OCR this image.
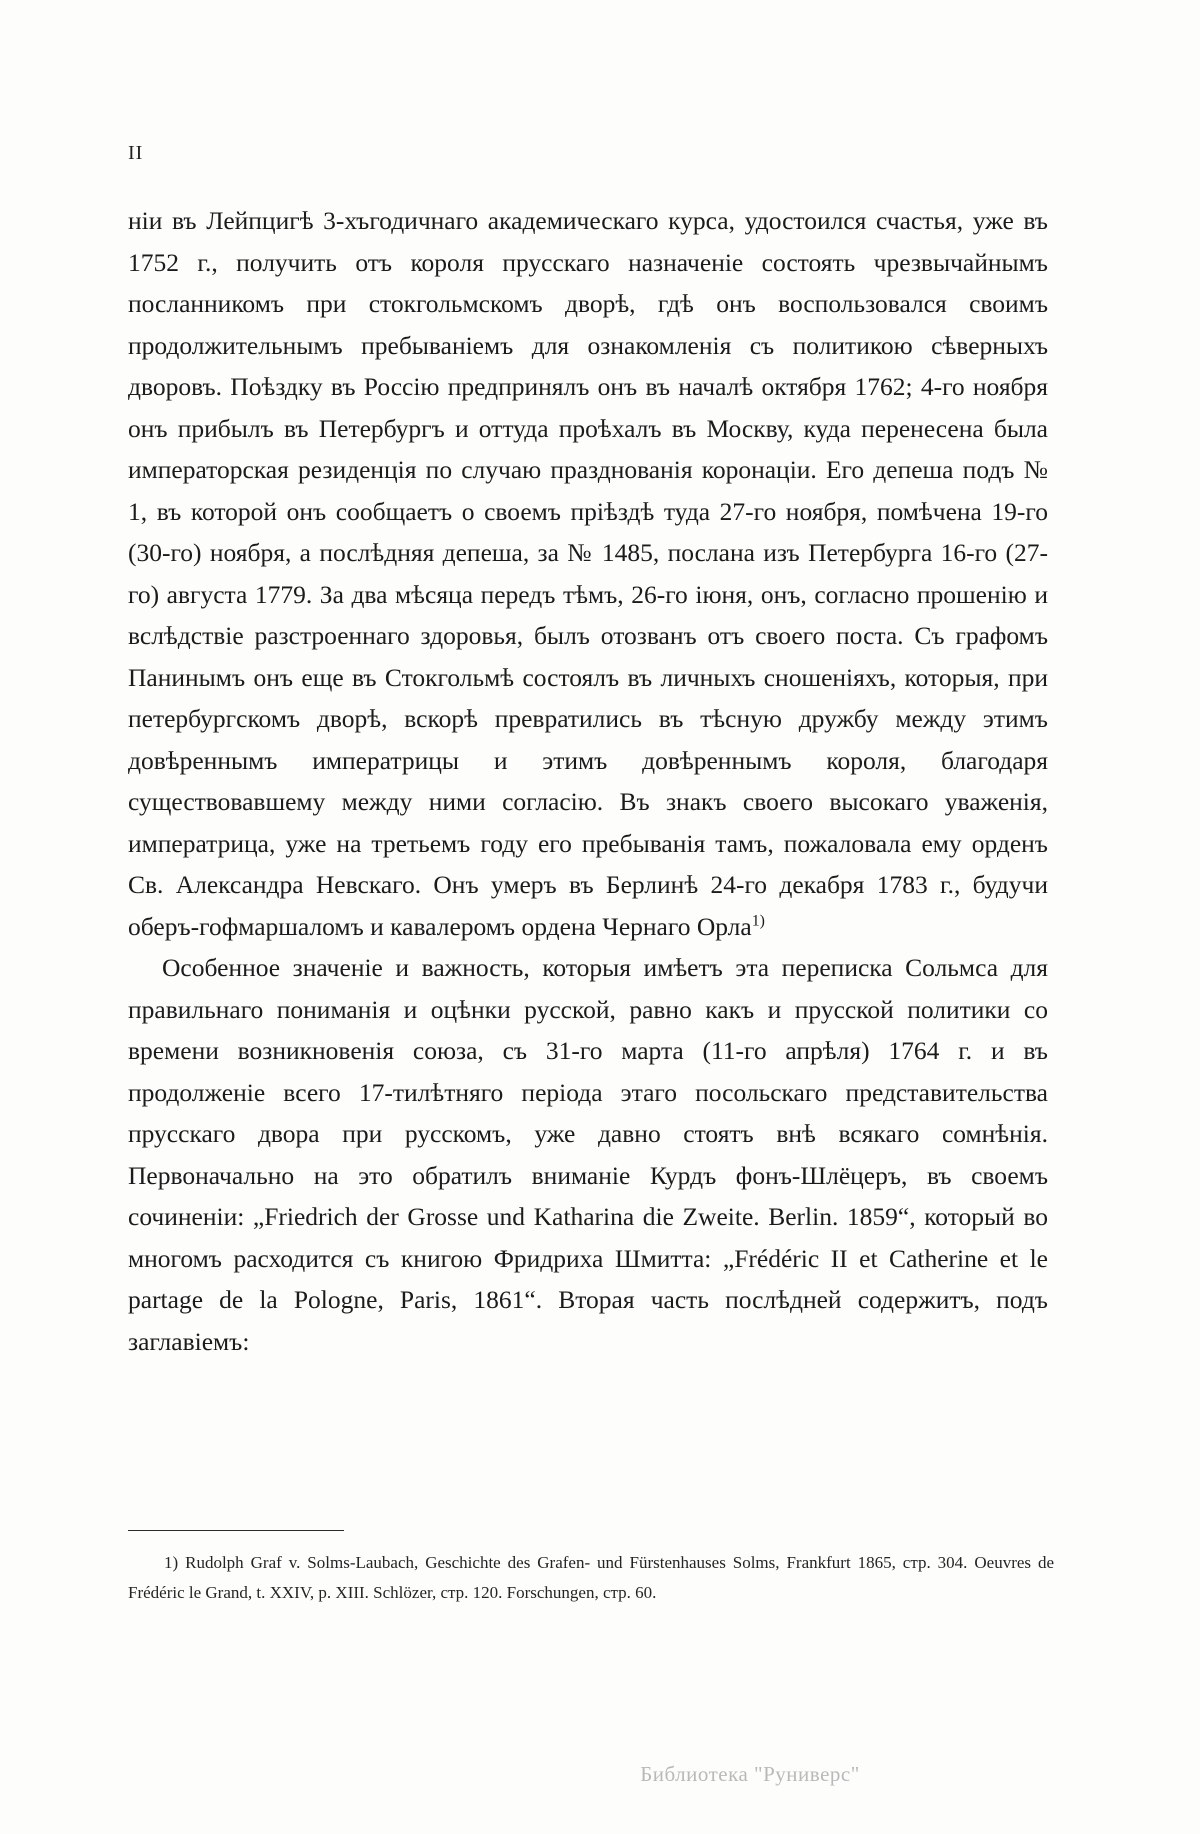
II

нiи въ Лейпцигѣ 3-хъгодичнаго академическаго курса, удостоился счастья, уже въ 1752 г., получить отъ короля прусскаго назначенiе состоять чрезвычайнымъ посланникомъ при стокгольмскомъ дворѣ, гдѣ онъ воспользовался своимъ продолжительнымъ пребыванiемъ для ознакомленiя съ политикою сѣверныхъ дворовъ. Поѣздку въ Россiю предпринялъ онъ въ началѣ октября 1762; 4-го ноября онъ прибылъ въ Петербургъ и оттуда проѣхалъ въ Москву, куда перенесена была императорская резиденцiя по случаю празднованiя коронацiи. Его депеша подъ № 1, въ которой онъ сообщаетъ о своемъ прiѣздѣ туда 27-го ноября, помѣчена 19-го (30-го) ноября, а послѣдняя депеша, за № 1485, послана изъ Петербурга 16-го (27-го) августа 1779. За два мѣсяца передъ тѣмъ, 26-го iюня, онъ, согласно прошенiю и вслѣдствiе разстроеннаго здоровья, былъ отозванъ отъ своего поста. Съ графомъ Панинымъ онъ еще въ Стокгольмѣ состоялъ въ личныхъ сношенiяхъ, которыя, при петербургскомъ дворѣ, вскорѣ превратились въ тѣсную дружбу между этимъ довѣреннымъ императрицы и этимъ довѣреннымъ короля, благодаря существовавшему между ними согласiю. Въ знакъ своего высокаго уваженiя, императрица, уже на третьемъ году его пребыванiя тамъ, пожаловала ему орденъ Св. Александра Невскаго. Онъ умеръ въ Берлинѣ 24-го декабря 1783 г., будучи оберъ-гофмаршаломъ и кавалеромъ ордена Чернаго Орла$^{1)}$

Особенное значенiе и важность, которыя имѣетъ эта переписка Сольмса для правильнаго пониманiя и оцѣнки русской, равно какъ и прусской политики со времени возникновенiя союза, съ 31-го марта (11-го апрѣля) 1764 г. и въ продолженiе всего 17-тилѣтняго перiода этаго посольскаго представительства прусскаго двора при русскомъ, уже давно стоятъ внѣ всякаго сомнѣнiя. Первоначально на это обратилъ вниманiе Курдъ фонъ-Шлёцеръ, въ своемъ сочиненiи: „Friedrich der Grosse und Katharina die Zweite. Berlin. 1859“, который во многомъ расходится съ книгою Фридриха Шмитта: „Frédéric II et Catherine et le partage de la Pologne, Paris, 1861“. Вторая часть послѣдней содержитъ, подъ заглавiемъ:

1) Rudolph Graf v. Solms-Laubach, Geschichte des Grafen- und Fürstenhauses Solms, Frankfurt 1865, стр. 304. Oeuvres de Frédéric le Grand, t. XXIV, p. XIII. Schlözer, стр. 120. Forschungen, стр. 60.
Библиотека "Руниверс"
